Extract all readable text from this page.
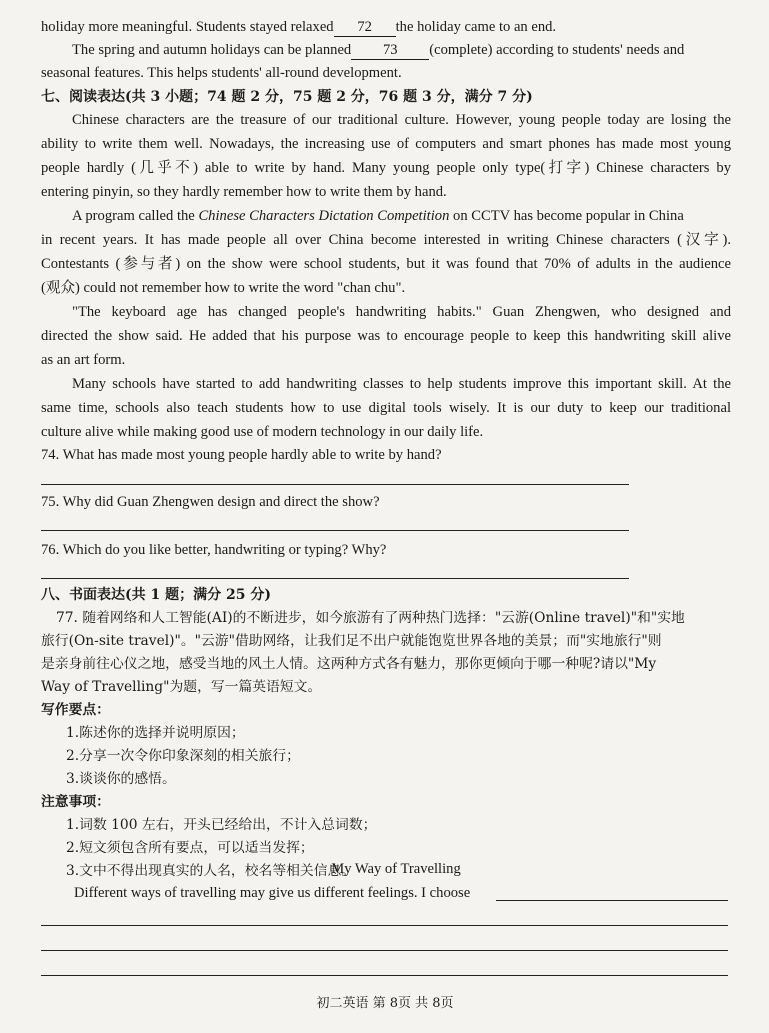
holiday more meaningful. Students stayed relaxed 72 the holiday came to an end.
The spring and autumn holidays can be planned 73 (complete) according to students' needs and
seasonal features. This helps students' all-round development.
七、阅读表达(共 3 小题；74 题 2 分，75 题 2 分，76 题 3 分，满分 7 分)
Chinese characters are the treasure of our traditional culture. However, young people today are losing the
ability to write them well. Nowadays, the increasing use of computers and smart phones has made most young
people hardly (几乎不) able to write by hand. Many young people only type(打字) Chinese characters by
entering pinyin, so they hardly remember how to write them by hand.
A program called the Chinese Characters Dictation Competition on CCTV has become popular in China
in recent years. It has made people all over China become interested in writing Chinese characters (汉字).
Contestants (参与者) on the show were school students, but it was found that 70% of adults in the audience
(观众) could not remember how to write the word "chan chu".
"The keyboard age has changed people's handwriting habits." Guan Zhengwen, who designed and
directed the show said. He added that his purpose was to encourage people to keep this handwriting skill alive
as an art form.
Many schools have started to add handwriting classes to help students improve this important skill. At the
same time, schools also teach students how to use digital tools wisely. It is our duty to keep our traditional
culture alive while making good use of modern technology in our daily life.
74. What has made most young people hardly able to write by hand?
75. Why did Guan Zhengwen design and direct the show?
76. Which do you like better, handwriting or typing? Why?
八、书面表达(共 1 题；满分 25 分)
77. 随着网络和人工智能(AI)的不断进步，如今旅游有了两种热门选择："云游(Online travel)"和"实地
旅行(On-site travel)"。"云游"借助网络，让我们足不出户就能饱览世界各地的美景；而"实地旅行"则
是亲身前往心仪之地，感受当地的风土人情。这两种方式各有魅力，那你更倾向于哪一种呢?请以"My
Way of Travelling"为题，写一篇英语短文。
写作要点：
1.陈述你的选择并说明原因；
2.分享一次令你印象深刻的相关旅行；
3.谈谈你的感悟。
注意事项：
1.词数 100 左右，开头已经给出，不计入总词数；
2.短文须包含所有要点，可以适当发挥；
3.文中不得出现真实的人名，校名等相关信息。
My Way of Travelling
Different ways of travelling may give us different feelings. I choose
初二英语 第 8页 共 8页
